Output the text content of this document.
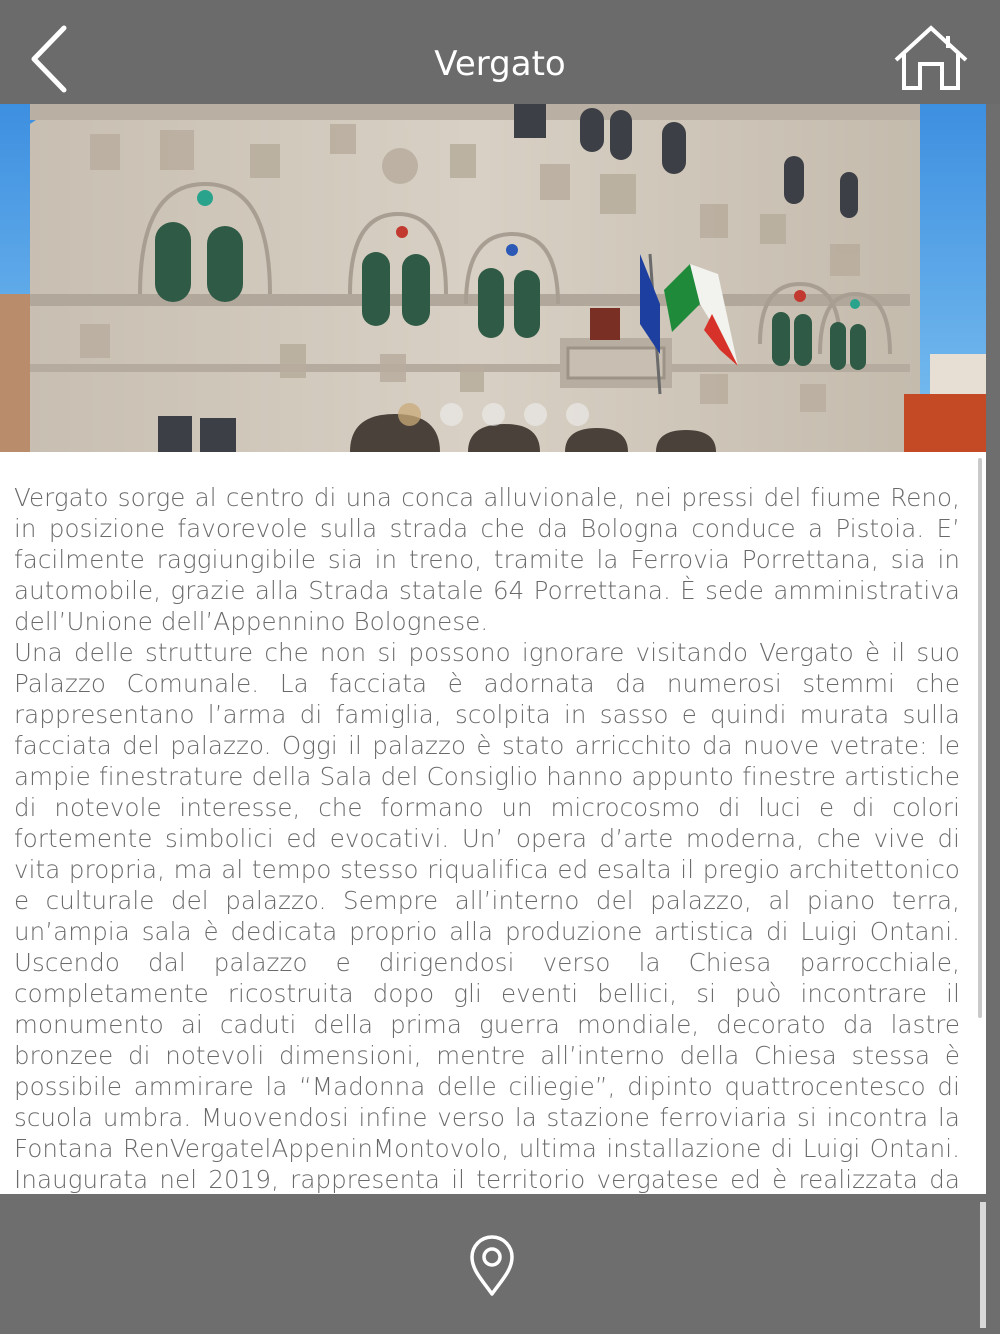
Vergato
Vergato sorge al centro di una conca alluvionale, nei pressi del fiume Reno, in posizione favorevole sulla strada che da Bologna conduce a Pistoia. E’ facilmente raggiungibile sia in treno, tramite la Ferrovia Porrettana, sia in automobile, grazie alla Strada statale 64 Porrettana. È sede amministrativa dell’Unione dell’Appennino Bolognese.
Una delle strutture che non si possono ignorare visitando Vergato è il suo Palazzo Comunale. La facciata è adornata da numerosi stemmi che rappresentano l’arma di famiglia, scolpita in sasso e quindi murata sulla facciata del palazzo. Oggi il palazzo è stato arricchito da nuove vetrate: le ampie finestrature della Sala del Consiglio hanno appunto finestre artistiche di notevole interesse, che formano un microcosmo di luci e di colori fortemente simbolici ed evocativi. Un’ opera d’arte moderna, che vive di vita propria, ma al tempo stesso riqualifica ed esalta il pregio architettonico e culturale del palazzo. Sempre all’interno del palazzo, al piano terra, un’ampia sala è dedicata proprio alla produzione artistica di Luigi Ontani. Uscendo dal palazzo e dirigendosi verso la Chiesa parrocchiale, completamente ricostruita dopo gli eventi bellici, si può incontrare il monumento ai caduti della prima guerra mondiale, decorato da lastre bronzee di notevoli dimensioni, mentre all’interno della Chiesa stessa è possibile ammirare la “Madonna delle ciliegie”, dipinto quattrocentesco di scuola umbra. Muovendosi infine verso la stazione ferroviaria si incontra la Fontana RenVergatelAppeninMontovolo, ultima installazione di Luigi Ontani. Inaugurata nel 2019, rappresenta il territorio vergatese ed è realizzata da
